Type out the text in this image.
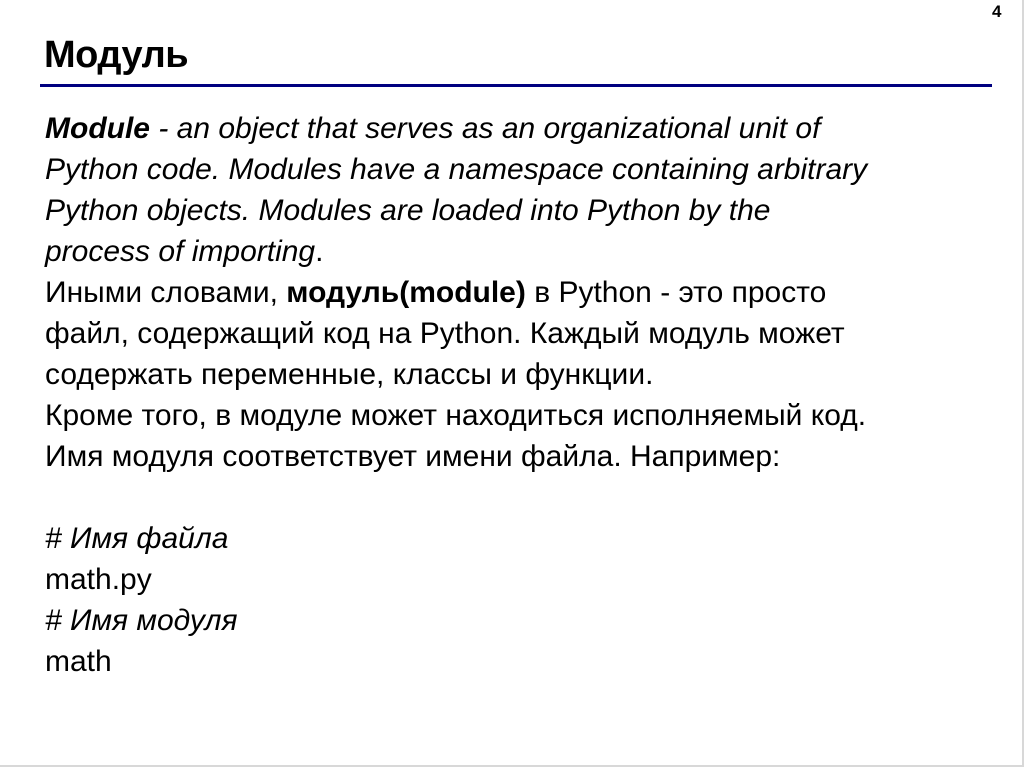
4
Модуль
Module - an object that serves as an organizational unit of
Python code. Modules have a namespace containing arbitrary
Python objects. Modules are loaded into Python by the
process of importing.
Иными словами, модуль(module) в Python - это просто
файл, содержащий код на Python. Каждый модуль может
содержать переменные, классы и функции.
Кроме того, в модуле может находиться исполняемый код.
Имя модуля соответствует имени файла. Например:
# Имя файла
math.py
# Имя модуля
math
